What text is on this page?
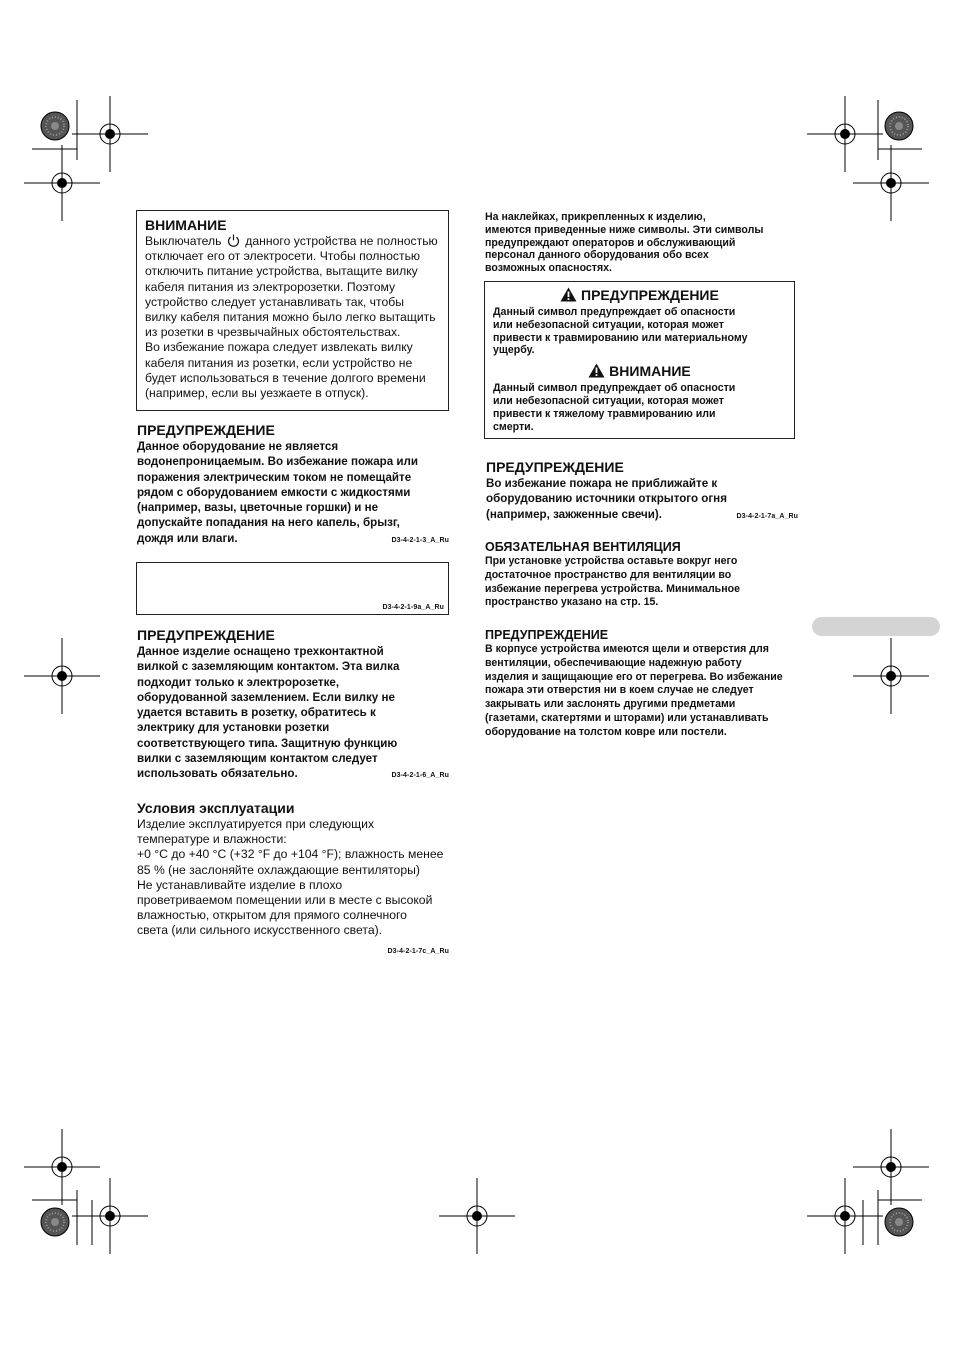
ВНИМАНИЕ
Выключатель данного устройства не полностью
отключает его от электросети. Чтобы полностью
отключить питание устройства, вытащите вилку
кабеля питания из электророзетки. Поэтому
устройство следует устанавливать так, чтобы
вилку кабеля питания можно было легко вытащить
из розетки в чрезвычайных обстоятельствах.
Во избежание пожара следует извлекать вилку
кабеля питания из розетки, если устройство не
будет использоваться в течение долгого времени
(например, если вы уезжаете в отпуск).
ПРЕДУПРЕЖДЕНИЕ
Данное оборудование не является
водонепроницаемым. Во избежание пожара или
поражения электрическим током не помещайте
рядом с оборудованием емкости с жидкостями
(например, вазы, цветочные горшки) и не
допускайте попадания на него капель, брызг,
дождя или влаги.	D3-4-2-1-3_A_Ru
D3-4-2-1-9a_A_Ru
ПРЕДУПРЕЖДЕНИЕ
Данное изделие оснащено трехконтактной
вилкой с заземляющим контактом. Эта вилка
подходит только к электророзетке,
оборудованной заземлением. Если вилку не
удается вставить в розетку, обратитесь к
электрику для установки розетки
соответствующего типа. Защитную функцию
вилки с заземляющим контактом следует
использовать обязательно.	D3-4-2-1-6_A_Ru
Условия эксплуатации
Изделие эксплуатируется при следующих
температуре и влажности:
+0 °C до +40 °C (+32 °F до +104 °F); влажность менее
85 % (не заслоняйте охлаждающие вентиляторы)
Не устанавливайте изделие в плохо
проветриваемом помещении или в месте с высокой
влажностью, открытом для прямого солнечного
света (или сильного искусственного света).
D3-4-2-1-7c_A_Ru
На наклейках, прикрепленных к изделию,
имеются приведенные ниже символы. Эти символы
предупреждают операторов и обслуживающий
персонал данного оборудования обо всех
возможных опасностях.
ПРЕДУПРЕЖДЕНИЕ
Данный символ предупреждает об опасности
или небезопасной ситуации, которая может
привести к травмированию или материальному
ущербу.
ВНИМАНИЕ
Данный символ предупреждает об опасности
или небезопасной ситуации, которая может
привести к тяжелому травмированию или
смерти.
ПРЕДУПРЕЖДЕНИЕ
Во избежание пожара не приближайте к
оборудованию источники открытого огня
(например, зажженные свечи).	D3-4-2-1-7a_A_Ru
ОБЯЗАТЕЛЬНАЯ ВЕНТИЛЯЦИЯ
При установке устройства оставьте вокруг него
достаточное пространство для вентиляции во
избежание перегрева устройства. Минимальное
пространство указано на стр. 15.
ПРЕДУПРЕЖДЕНИЕ
В корпусе устройства имеются щели и отверстия для
вентиляции, обеспечивающие надежную работу
изделия и защищающие его от перегрева. Во избежание
пожара эти отверстия ни в коем случае не следует
закрывать или заслонять другими предметами
(газетами, скатертями и шторами) или устанавливать
оборудование на толстом ковре или постели.
